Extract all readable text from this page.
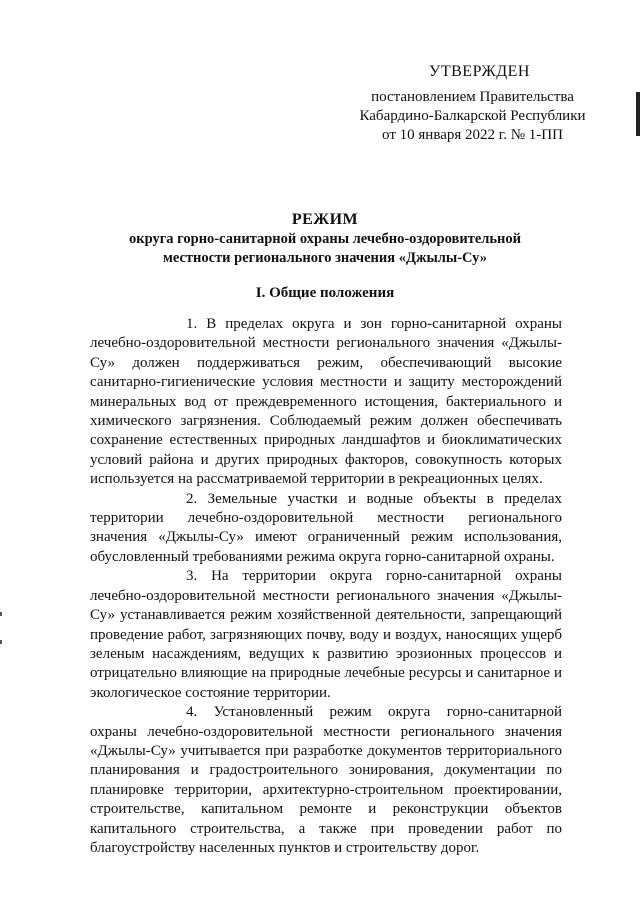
УТВЕРЖДЕН
постановлением Правительства
Кабардино-Балкарской Республики
от 10 января 2022 г. № 1-ПП
РЕЖИМ
округа горно-санитарной охраны лечебно-оздоровительной
местности регионального значения «Джылы-Су»
I. Общие положения

1. В пределах округа и зон горно-санитарной охраны лечебно-оздоровительной местности регионального значения «Джылы-Су» должен поддерживаться режим, обеспечивающий высокие санитарно-гигиенические условия местности и защиту месторождений минеральных вод от преждевременного истощения, бактериального и химического загрязнения. Соблюдаемый режим должен обеспечивать сохранение естественных природных ландшафтов и биоклиматических условий района и других природных факторов, совокупность которых используется на рассматриваемой территории в рекреационных целях.

2. Земельные участки и водные объекты в пределах территории лечебно-оздоровительной местности регионального значения «Джылы-Су» имеют ограниченный режим использования, обусловленный требованиями режима округа горно-санитарной охраны.

3. На территории округа горно-санитарной охраны лечебно-оздоровительной местности регионального значения «Джылы-Су» устанавливается режим хозяйственной деятельности, запрещающий проведение работ, загрязняющих почву, воду и воздух, наносящих ущерб зеленым насаждениям, ведущих к развитию эрозионных процессов и отрицательно влияющие на природные лечебные ресурсы и санитарное и экологическое состояние территории.

4. Установленный режим округа горно-санитарной охраны лечебно-оздоровительной местности регионального значения «Джылы-Су» учитывается при разработке документов территориального планирования и градостроительного зонирования, документации по планировке территории, архитектурно-строительном проектировании, строительстве, капитальном ремонте и реконструкции объектов капитального строительства, а также при проведении работ по благоустройству населенных пунктов и строительству дорог.
